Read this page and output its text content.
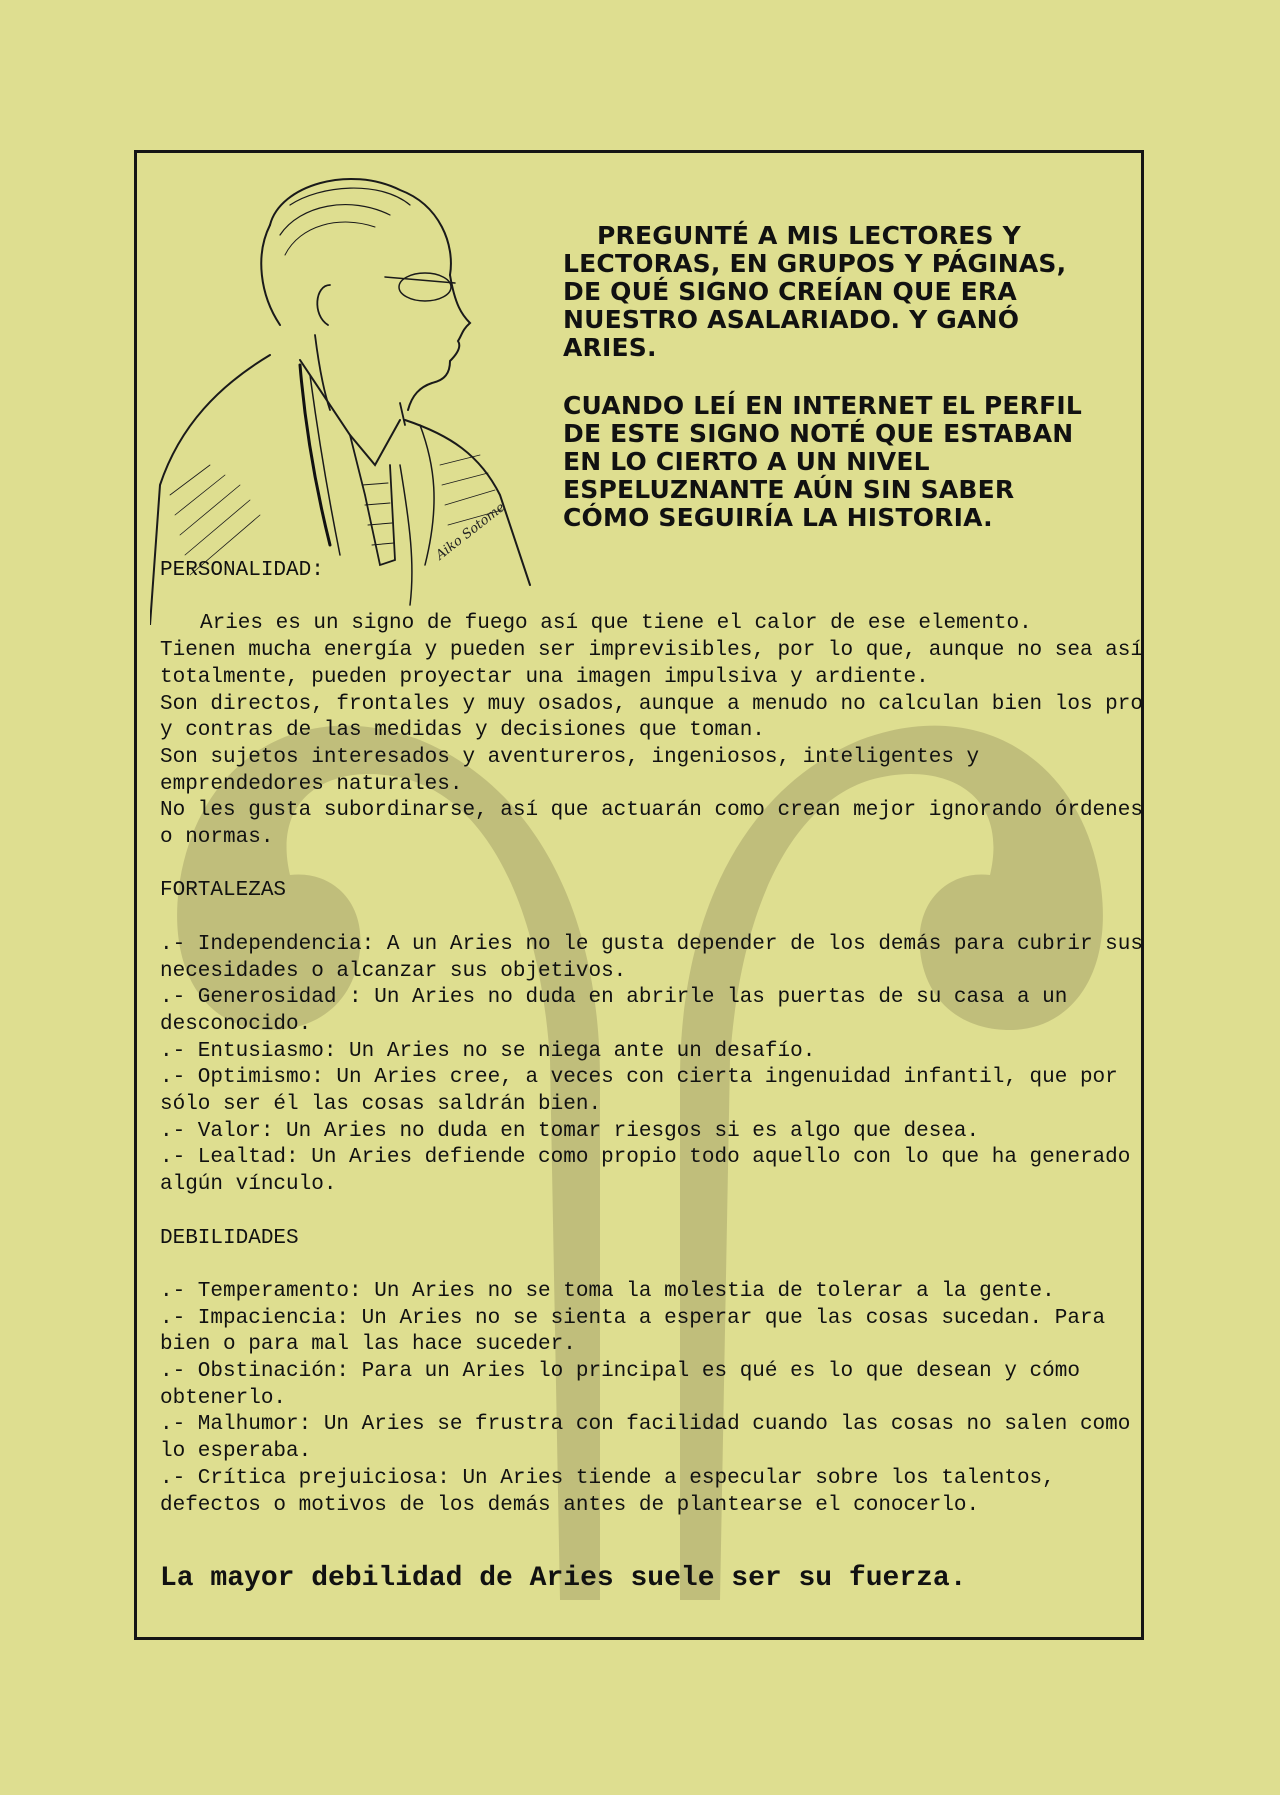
Aiko Sotome

PREGUNTÉ A MIS LECTORES Y LECTORAS, EN GRUPOS Y PÁGINAS, DE QUÉ SIGNO CREÍAN QUE ERA NUESTRO ASALARIADO. Y GANÓ ARIES.

CUANDO LEÍ EN INTERNET EL PERFIL DE ESTE SIGNO NOTÉ QUE ESTABAN EN LO CIERTO A UN NIVEL ESPELUZNANTE AÚN SIN SABER CÓMO SEGUIRÍA LA HISTORIA.

PERSONALIDAD:

Aries es un signo de fuego así que tiene el calor de ese elemento.

Tienen mucha energía y pueden ser imprevisibles, por lo que, aunque no sea así totalmente, pueden proyectar una imagen impulsiva y ardiente.

Son directos, frontales y muy osados, aunque a menudo no calculan bien los pro y contras de las medidas y decisiones que toman.

Son sujetos interesados y aventureros, ingeniosos, inteligentes y emprendedores naturales.

No les gusta subordinarse, así que actuarán como crean mejor ignorando órdenes o normas.

FORTALEZAS

.- Independencia: A un Aries no le gusta depender de los demás para cubrir sus necesidades o alcanzar sus objetivos.

.- Generosidad : Un Aries no duda en abrirle las puertas de su casa a un desconocido.

.- Entusiasmo: Un Aries no se niega ante un desafío.

.- Optimismo: Un Aries cree, a veces con cierta ingenuidad infantil, que por sólo ser él las cosas saldrán bien.

.- Valor: Un Aries no duda en tomar riesgos si es algo que desea.

.- Lealtad: Un Aries defiende como propio todo aquello con lo que ha generado algún vínculo.

DEBILIDADES

.- Temperamento: Un Aries no se toma la molestia de tolerar a la gente.

.- Impaciencia: Un Aries no se sienta a esperar que las cosas sucedan. Para bien o para mal las hace suceder.

.- Obstinación: Para un Aries lo principal es qué es lo que desean y cómo obtenerlo.

.- Malhumor: Un Aries se frustra con facilidad cuando las cosas no salen como lo esperaba.

.- Crítica prejuiciosa: Un Aries tiende a especular sobre los talentos, defectos o motivos de los demás antes de plantearse el conocerlo.

La mayor debilidad de Aries suele ser su fuerza.
